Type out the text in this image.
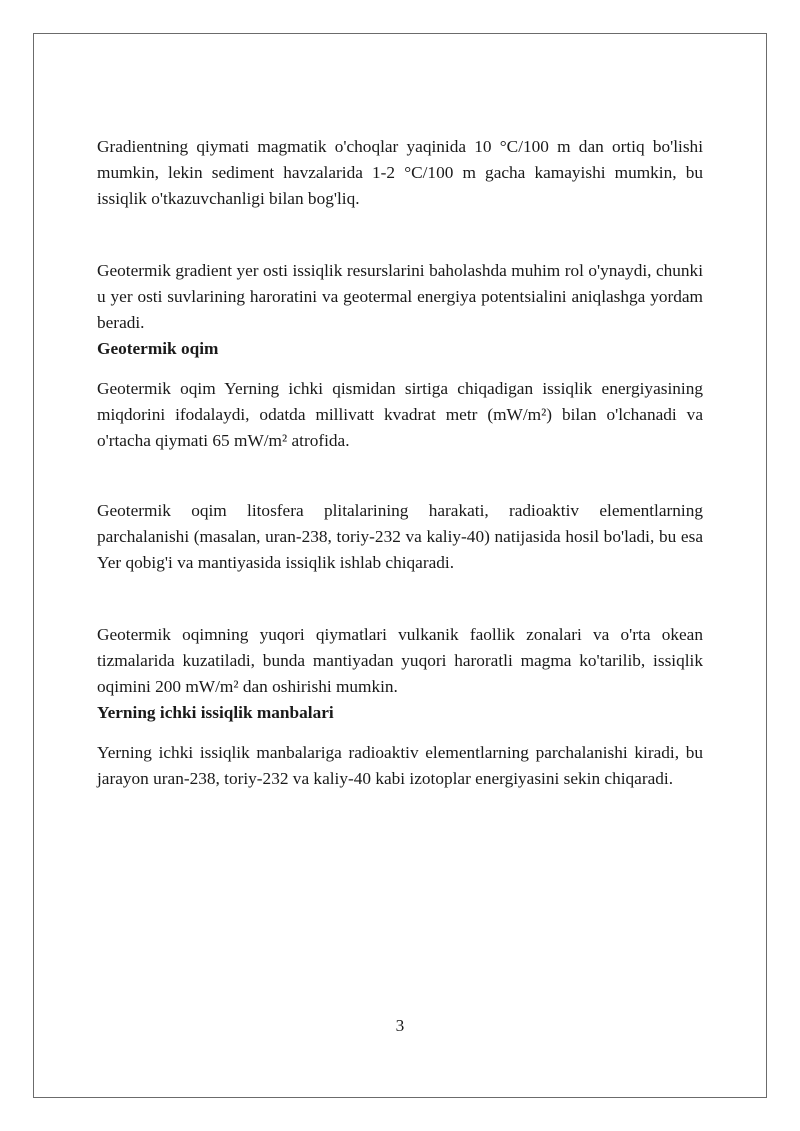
Gradientning qiymati magmatik o'choqlar yaqinida 10 °C/100 m dan ortiq bo'lishi mumkin, lekin sediment havzalarida 1-2 °C/100 m gacha kamayishi mumkin, bu issiqlik o'tkazuvchanligi bilan bog'liq.

Geotermik gradient yer osti issiqlik resurslarini baholashda muhim rol o'ynaydi, chunki u yer osti suvlarining haroratini va geotermal energiya potentsialini aniqlashga yordam beradi.

Geotermik oqim

Geotermik oqim Yerning ichki qismidan sirtiga chiqadigan issiqlik energiyasining miqdorini ifodalaydi, odatda millivatt kvadrat metr (mW/m²) bilan o'lchanadi va o'rtacha qiymati 65 mW/m² atrofida.

Geotermik oqim litosfera plitalarining harakati, radioaktiv elementlarning parchalanishi (masalan, uran-238, toriy-232 va kaliy-40) natijasida hosil bo'ladi, bu esa Yer qobig'i va mantiyasida issiqlik ishlab chiqaradi.

Geotermik oqimning yuqori qiymatlari vulkanik faollik zonalari va o'rta okean tizmalarida kuzatiladi, bunda mantiyadan yuqori haroratli magma ko'tarilib, issiqlik oqimini 200 mW/m² dan oshirishi mumkin.

Yerning ichki issiqlik manbalari

Yerning ichki issiqlik manbalariga radioaktiv elementlarning parchalanishi kiradi, bu jarayon uran-238, toriy-232 va kaliy-40 kabi izotoplar energiyasini sekin chiqaradi.

3
